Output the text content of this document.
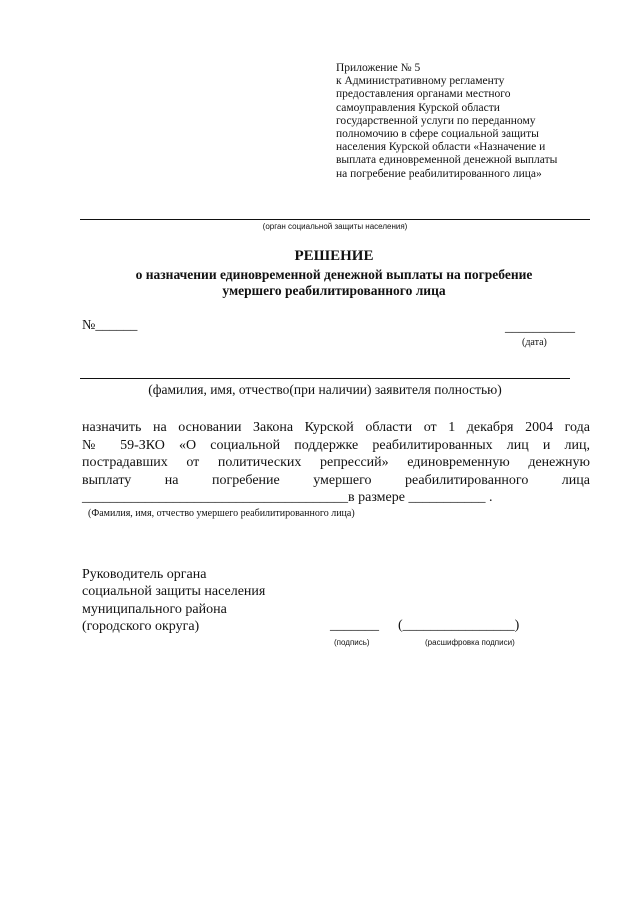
Приложение № 5
к Административному регламенту
предоставления органами местного
самоуправления Курской области
государственной услуги по переданному
полномочию в сфере социальной защиты
населения Курской области «Назначение и
выплата единовременной денежной выплаты
на погребение реабилитированного лица»
(орган социальной защиты населения)
РЕШЕНИЕ
о назначении единовременной денежной выплаты на погребение
умершего реабилитированного лица
№______	__________
(дата)
(фамилия, имя, отчество(при наличии) заявителя полностью)
назначить на основании Закона Курской области от 1 декабря 2004 года
№ 59-ЗКО «О социальной поддержке реабилитированных лиц и лиц,
пострадавших от политических репрессий» единовременную денежную
выплату на погребение умершего реабилитированного лица
______________________________________в размере ___________ .
(Фамилия, имя, отчество умершего реабилитированного лица)
Руководитель органа
социальной защиты населения
муниципального района
(городского округа)	_______
(подпись)
(________________)
(расшифровка подписи)
